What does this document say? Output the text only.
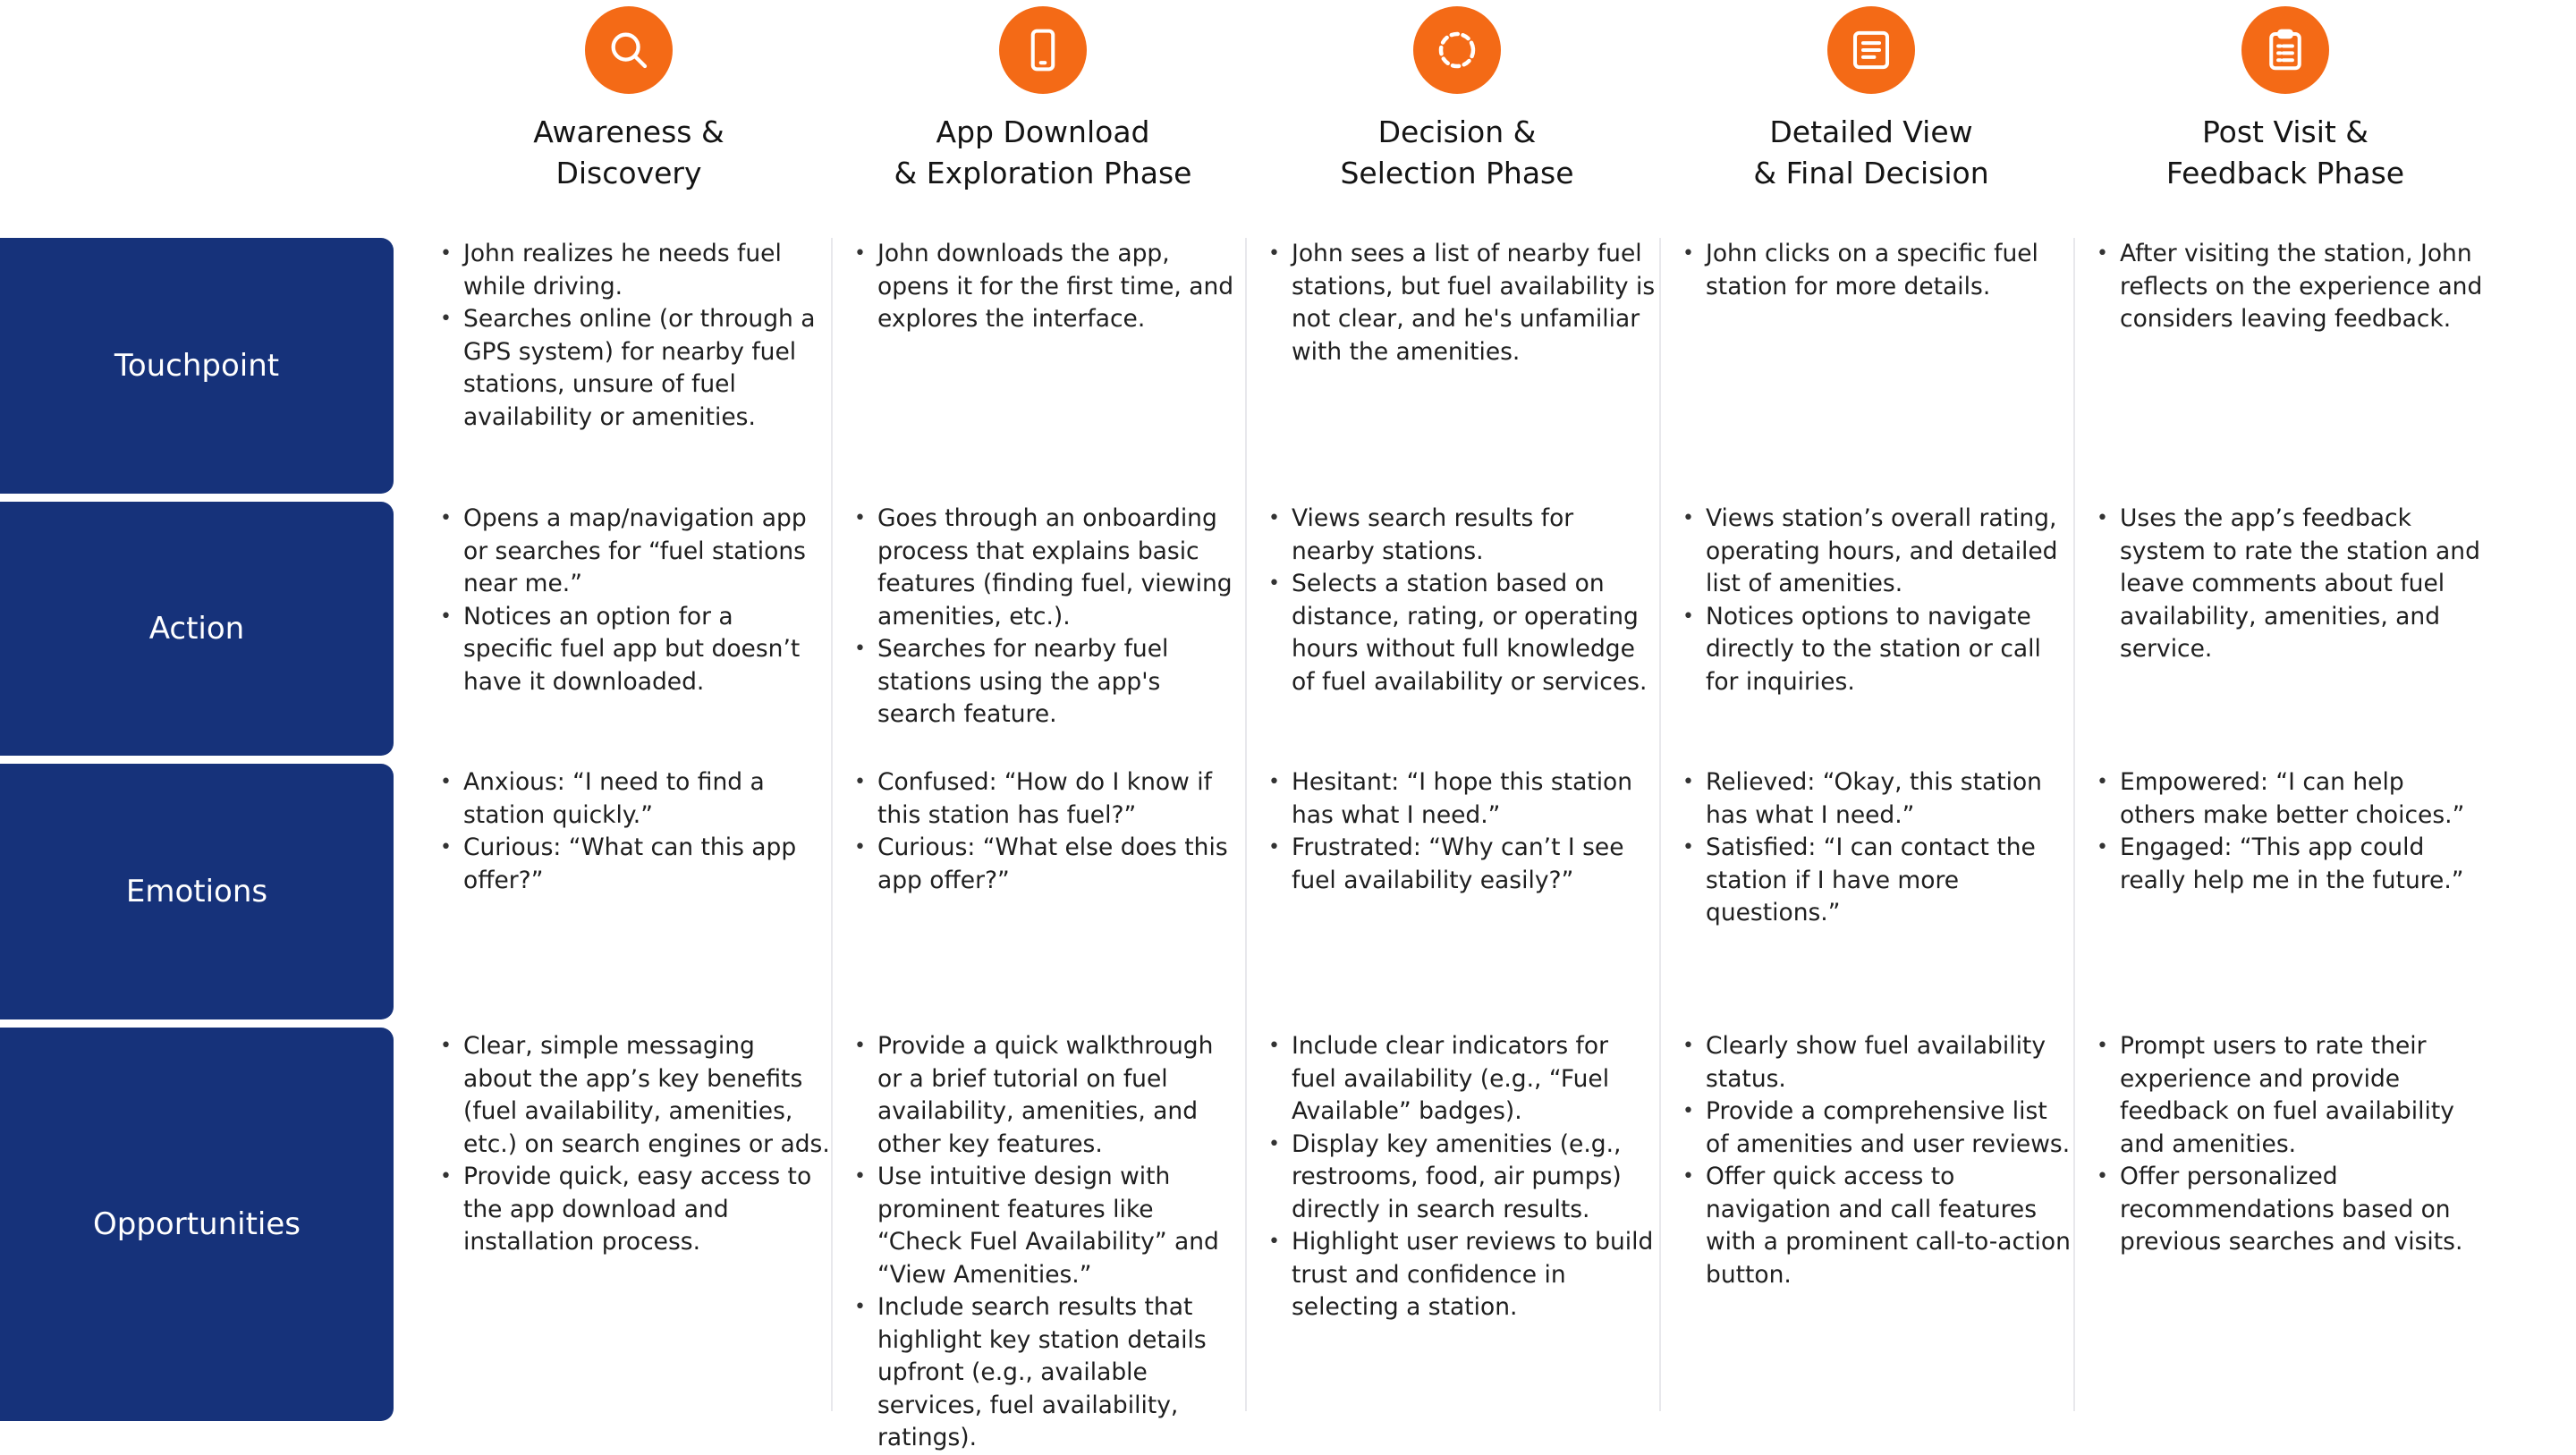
Awareness &
Discovery
App Download
& Exploration Phase
Decision &
Selection Phase
Detailed View
& Final Decision
Post Visit &
Feedback Phase
Touchpoint
Action
Emotions
Opportunities
• John realizes he needs fuel while driving.
• Searches online (or through a GPS system) for nearby fuel stations, unsure of fuel availability or amenities.
• John downloads the app, opens it for the first time, and explores the interface.
• John sees a list of nearby fuel stations, but fuel availability is not clear, and he's unfamiliar with the amenities.
• John clicks on a specific fuel station for more details.
• After visiting the station, John reflects on the experience and considers leaving feedback.
• Opens a map/navigation app or searches for “fuel stations near me.”
• Notices an option for a specific fuel app but doesn’t have it downloaded.
• Goes through an onboarding process that explains basic features (finding fuel, viewing amenities, etc.).
• Searches for nearby fuel stations using the app's search feature.
• Views search results for nearby stations.
• Selects a station based on distance, rating, or operating hours without full knowledge of fuel availability or services.
• Views station’s overall rating, operating hours, and detailed list of amenities.
• Notices options to navigate directly to the station or call for inquiries.
• Uses the app’s feedback system to rate the station and leave comments about fuel availability, amenities, and service.
• Anxious: “I need to find a station quickly.”
• Curious: “What can this app offer?”
• Confused: “How do I know if this station has fuel?”
• Curious: “What else does this app offer?”
• Hesitant: “I hope this station has what I need.”
• Frustrated: “Why can’t I see fuel availability easily?”
• Relieved: “Okay, this station has what I need.”
• Satisfied: “I can contact the station if I have more questions.”
• Empowered: “I can help others make better choices.”
• Engaged: “This app could really help me in the future.”
• Clear, simple messaging about the app’s key benefits (fuel availability, amenities, etc.) on search engines or ads.
• Provide quick, easy access to the app download and installation process.
• Provide a quick walkthrough or a brief tutorial on fuel availability, amenities, and other key features.
• Use intuitive design with prominent features like “Check Fuel Availability” and “View Amenities.”
• Include search results that highlight key station details upfront (e.g., available services, fuel availability, ratings).
• Include clear indicators for fuel availability (e.g., “Fuel Available” badges).
• Display key amenities (e.g., restrooms, food, air pumps) directly in search results.
• Highlight user reviews to build trust and confidence in selecting a station.
• Clearly show fuel availability status.
• Provide a comprehensive list of amenities and user reviews.
• Offer quick access to navigation and call features with a prominent call-to-action button.
• Prompt users to rate their experience and provide feedback on fuel availability and amenities.
• Offer personalized recommendations based on previous searches and visits.
